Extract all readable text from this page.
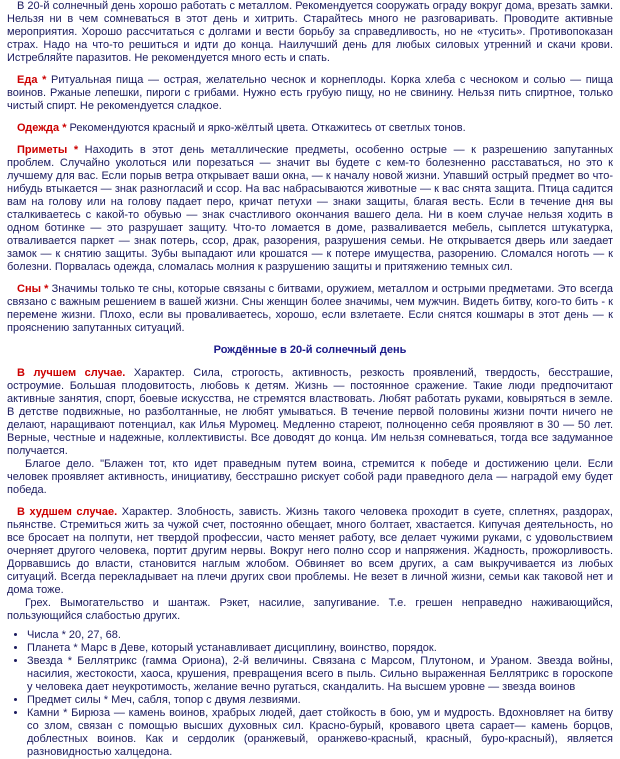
В 20-й солнечный день хорошо работать с металлом. Рекомендуется сооружать ограду вокруг дома, врезать замки. Нельзя ни в чем сомневаться в этот день и хитрить. Старайтесь много не разговаривать. Проводите активные мероприятия. Хорошо рассчитаться с долгами и вести борьбу за справедливость, но не «тусить». Противопоказан страх. Надо на что-то решиться и идти до конца. Наилучший день для любых силовых утренний и скачи крови. Истребляйте паразитов. Не рекомендуется много есть и спать.

Еда * Ритуальная пища — острая, желательно чеснок и корнеплоды. Корка хлеба с чесноком и солью — пища воинов. Ржаные лепешки, пироги с грибами. Нужно есть грубую пищу, но не свинину. Нельзя пить спиртное, только чистый спирт. Не рекомендуется сладкое.

Одежда * Рекомендуются красный и ярко-жёлтый цвета. Откажитесь от светлых тонов.

Приметы * Находить в этот день металлические предметы, особенно острые — к разрешению запутанных проблем. Случайно уколоться или порезаться — значит вы будете с кем-то болезненно расставаться, но это к лучшему для вас. Если порыв ветра открывает ваши окна, — к началу новой жизни. Упавший острый предмет во что- нибудь втыкается — знак разногласий и ссор. На вас набрасываются животные — к вас снята защита. Птица садится вам на голову или на голову падает перо, кричат петухи — знаки защиты, благая весть. Если в течение дня вы сталкиваетесь с какой-то обувью — знак счастливого окончания вашего дела. Ни в коем случае нельзя ходить в одном ботинке — это разрушает защиту. Что-то ломается в доме, разваливается мебель, сыплется штукатурка, отваливается паркет — знак потерь, ссор, драк, разорения, разрушения семьи. Не открывается дверь или заедает замок — к снятию защиты. Зубы выпадают или крошатся — к потере имущества, разорению. Сломался ноготь — к болезни. Порвалась одежда, сломалась молния к разрушению защиты и притяжению темных сил.

Сны * Значимы только те сны, которые связаны с битвами, оружием, металлом и острыми предметами. Это всегда связано с важным решением в вашей жизни. Сны женщин более значимы, чем мужчин. Видеть битву, кого-то бить - к перемене жизни. Плохо, если вы проваливаетесь, хорошо, если взлетаете. Если снятся кошмары в этот день — к прояснению запутанных ситуаций.

Рождённые в 20-й солнечный день

В лучшем случае. Характер. Сила, строгость, активность, резкость проявлений, твердость, бесстрашие, остроумие. Большая плодовитость, любовь к детям. Жизнь — постоянное сражение. Такие люди предпочитают активные занятия, спорт, боевые искусства, не стремятся властвовать. Любят работать руками, ковыряться в земле. В детстве подвижные, но разболтанные, не любят умываться. В течение первой половины жизни почти ничего не делают, наращивают потенциал, как Илья Муромец. Медленно стареют, полноценно себя проявляют в 30 — 50 лет. Верные, честные и надежные, коллективисты. Все доводят до конца. Им нельзя сомневаться, тогда все задуманное получается.

Благое дело. "Блажен тот, кто идет праведным путем воина, стремится к победе и достижению цели. Если человек проявляет активность, инициативу, бесстрашно рискует собой ради праведного дела — наградой ему будет победа.

В худшем случае. Характер. Злобность, зависть. Жизнь такого человека проходит в суете, сплетнях, раздорах, пьянстве. Стремиться жить за чужой счет, постоянно обещает, много болтает, хвастается. Кипучая деятельность, но все бросает на полпути, нет твердой профессии, часто меняет работу, все делает чужими руками, с удовольствием очерняет другого человека, портит другим нервы. Вокруг него полно ссор и напряжения. Жадность, прожорливость. Дорвавшись до власти, становится наглым жлобом. Обвиняет во всем других, а сам выкручивается из любых ситуаций. Всегда перекладывает на плечи других свои проблемы. Не везет в личной жизни, семьи как таковой нет и дома тоже.

Грех. Вымогательство и шантаж. Рэкет, насилие, запугивание. Т.е. грешен неправедно наживающийся, пользующийся слабостью других.

• Числа * 20, 27, 68.
• Планета * Марс в Деве, который устанавливает дисциплину, воинство, порядок.
• Звезда * Беллятрикс (гамма Ориона), 2-й величины. Связана с Марсом, Плутоном, и Ураном. Звезда войны, насилия, жестокости, хаоса, крушения, превращения всего в пыль. Сильно выраженная Беллятрикс в гороскопе у человека дает неукротимость, желание вечно ругаться, скандалить. На высшем уровне — звезда воинов
• Предмет силы * Меч, сабля, топор с двумя лезвиями.
• Камни * Бирюза — камень воинов, храбрых людей, дает стойкость в бою, ум и мудрость. Вдохновляет на битву со злом, связан с помощью высших духовных сил. Красно-бурый, кровавого цвета сарает— камень борцов, доблестных воинов. Как и сердолик (оранжевый, оранжево-красный, красный, буро-красный), является разновидностью халцедона.
